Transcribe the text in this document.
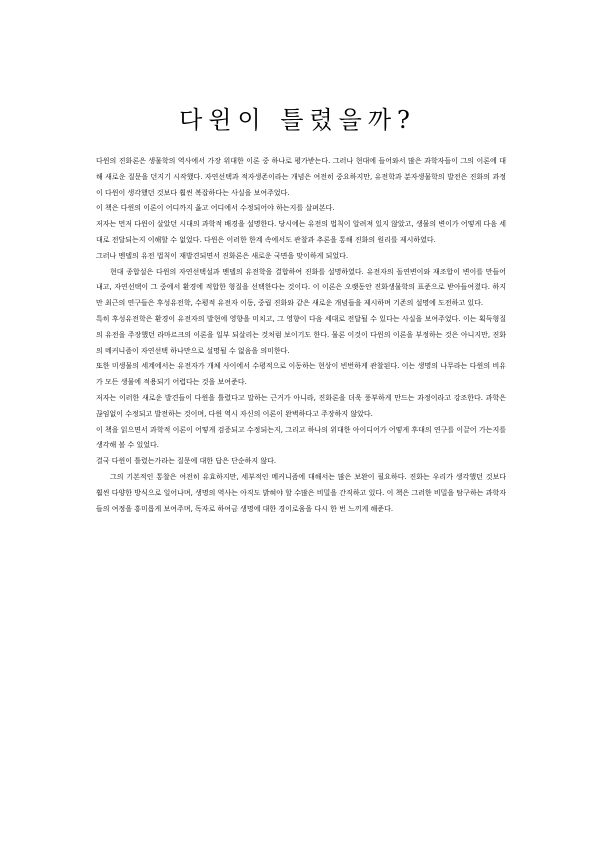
다윈이 틀렸을까?

다윈의 진화론은 생물학의 역사에서 가장 위대한 이론 중 하나로 평가받는다. 그러나 현대에 들어와서 많은 과학자들이 그의 이론에 대해 새로운 질문을 던지기 시작했다. 자연선택과 적자생존이라는 개념은 여전히 중요하지만, 유전학과 분자생물학의 발전은 진화의 과정이 다윈이 생각했던 것보다 훨씬 복잡하다는 사실을 보여주었다.

이 책은 다윈의 이론이 어디까지 옳고 어디에서 수정되어야 하는지를 살펴본다.

저자는 먼저 다윈이 살았던 시대의 과학적 배경을 설명한다. 당시에는 유전의 법칙이 알려져 있지 않았고, 생물의 변이가 어떻게 다음 세대로 전달되는지 이해할 수 없었다. 다윈은 이러한 한계 속에서도 관찰과 추론을 통해 진화의 원리를 제시하였다.

그러나 멘델의 유전 법칙이 재발견되면서 진화론은 새로운 국면을 맞이하게 되었다.

현대 종합설은 다윈의 자연선택설과 멘델의 유전학을 결합하여 진화를 설명하였다. 유전자의 돌연변이와 재조합이 변이를 만들어내고, 자연선택이 그 중에서 환경에 적합한 형질을 선택한다는 것이다. 이 이론은 오랫동안 진화생물학의 표준으로 받아들여졌다. 하지만 최근의 연구들은 후성유전학, 수평적 유전자 이동, 중립 진화와 같은 새로운 개념들을 제시하며 기존의 설명에 도전하고 있다.

특히 후성유전학은 환경이 유전자의 발현에 영향을 미치고, 그 영향이 다음 세대로 전달될 수 있다는 사실을 보여주었다. 이는 획득형질의 유전을 주장했던 라마르크의 이론을 일부 되살리는 것처럼 보이기도 한다. 물론 이것이 다윈의 이론을 부정하는 것은 아니지만, 진화의 메커니즘이 자연선택 하나만으로 설명될 수 없음을 의미한다.

또한 미생물의 세계에서는 유전자가 개체 사이에서 수평적으로 이동하는 현상이 빈번하게 관찰된다. 이는 생명의 나무라는 다윈의 비유가 모든 생물에 적용되기 어렵다는 것을 보여준다.

저자는 이러한 새로운 발견들이 다윈을 틀렸다고 말하는 근거가 아니라, 진화론을 더욱 풍부하게 만드는 과정이라고 강조한다. 과학은 끊임없이 수정되고 발전하는 것이며, 다윈 역시 자신의 이론이 완벽하다고 주장하지 않았다.

이 책을 읽으면서 과학적 이론이 어떻게 검증되고 수정되는지, 그리고 하나의 위대한 아이디어가 어떻게 후대의 연구를 이끌어 가는지를 생각해 볼 수 있었다.

결국 다윈이 틀렸는가라는 질문에 대한 답은 단순하지 않다.

그의 기본적인 통찰은 여전히 유효하지만, 세부적인 메커니즘에 대해서는 많은 보완이 필요하다. 진화는 우리가 생각했던 것보다 훨씬 다양한 방식으로 일어나며, 생명의 역사는 아직도 밝혀야 할 수많은 비밀을 간직하고 있다. 이 책은 그러한 비밀을 탐구하는 과학자들의 여정을 흥미롭게 보여주며, 독자로 하여금 생명에 대한 경이로움을 다시 한 번 느끼게 해준다.
